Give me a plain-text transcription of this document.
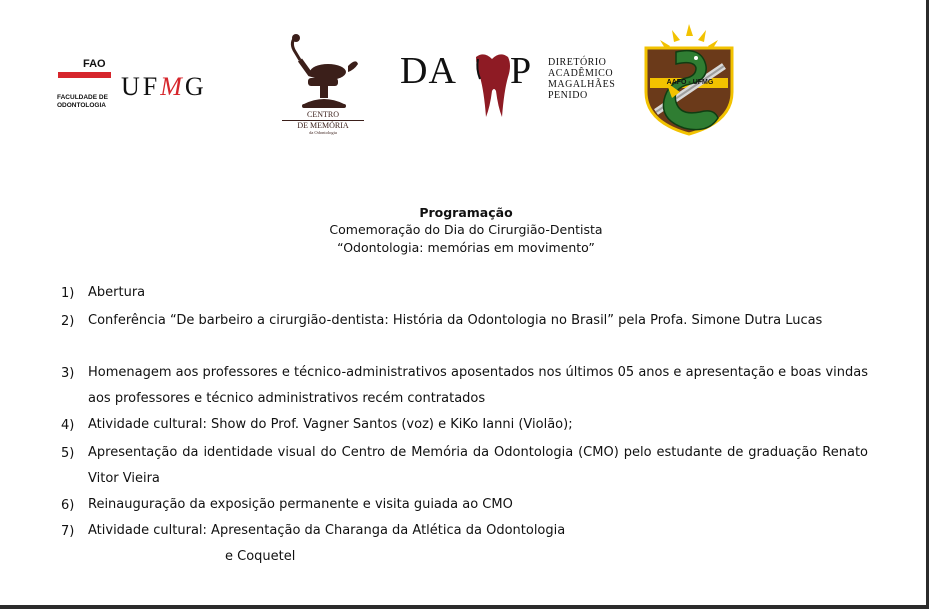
FAO
FACULDADE DE
ODONTOLOGIA
UFMG
CENTRO
DE MEMÓRIA
da Odontologia
DA P DIRETÓRIO
ACADÊMICO
MAGALHÃES
PENIDO
AAFO - UFMG
Programação
Comemoração do Dia do Cirurgião-Dentista
“Odontologia: memórias em movimento”
1) Abertura
2) Conferência “De barbeiro a cirurgião-dentista: História da Odontologia no Brasil” pela Profa. Simone Dutra Lucas
3) Homenagem aos professores e técnico-administrativos aposentados nos últimos 05 anos e apresentação e boas vindas aos professores e técnico administrativos recém contratados
4) Atividade cultural: Show do Prof. Vagner Santos (voz) e KiKo Ianni (Violão);
5) Apresentação da identidade visual do Centro de Memória da Odontologia (CMO) pelo estudante de graduação Renato Vitor Vieira
6) Reinauguração da exposição permanente e visita guiada ao CMO
7) Atividade cultural: Apresentação da Charanga da Atlética da Odontologia
e Coquetel
